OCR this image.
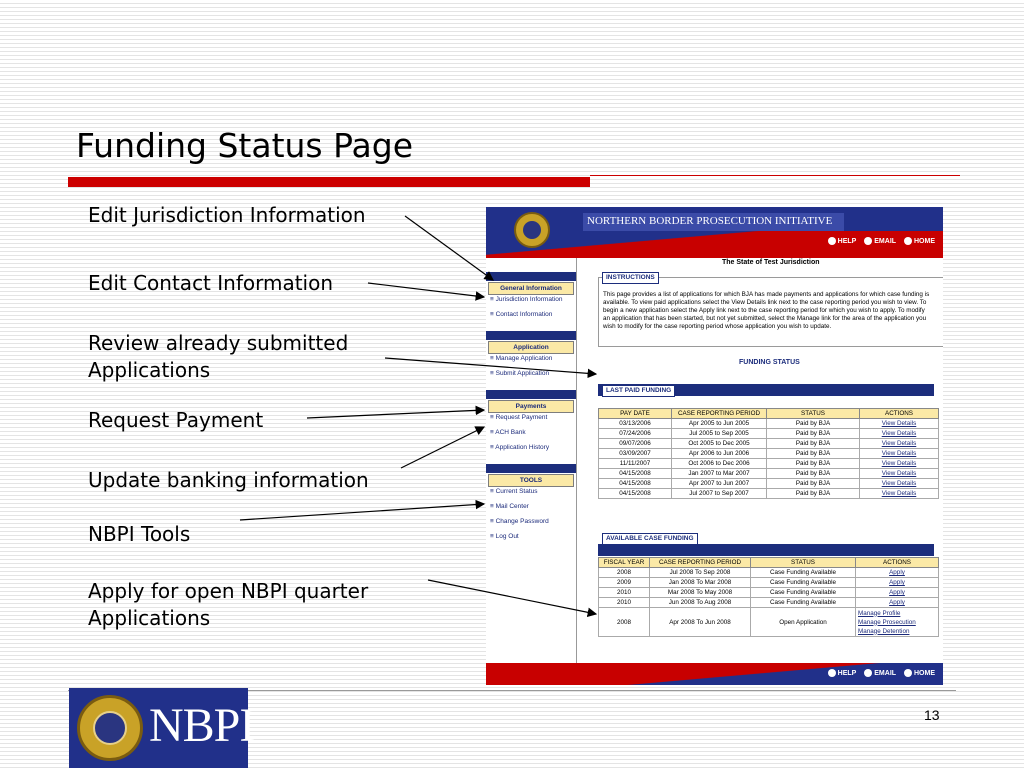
Funding Status Page
Edit Jurisdiction Information
Edit Contact Information
Review already submitted Applications
Request Payment
Update banking information
NBPI Tools
Apply for open NBPI quarter Applications
NORTHERN BORDER PROSECUTION INITIATIVE
HELP	EMAIL	HOME
General Information
≡ Jurisdiction Information
≡ Contact Information
Application
≡ Manage Application
≡ Submit Application
Payments
≡ Request Payment
≡ ACH Bank
≡ Application History
TOOLS
≡ Current Status
≡ Mail Center
≡ Change Password
≡ Log Out
The State of Test Jurisdiction
INSTRUCTIONS
This page provides a list of applications for which BJA has made payments and applications for which case funding is available. To view paid applications select the View Details link next to the case reporting period you wish to view. To begin a new application select the Apply link next to the case reporting period for which you wish to apply. To modify an application that has been started, but not yet submitted, select the Manage link for the area of the application you wish to modify for the case reporting period whose application you wish to update.
FUNDING STATUS
LAST PAID FUNDING
PAY DATE	CASE REPORTING PERIOD	STATUS	ACTIONS
03/13/2006	Apr 2005 to Jun 2005	Paid by BJA	View Details
07/24/2006	Jul 2005 to Sep 2005	Paid by BJA	View Details
09/07/2006	Oct 2005 to Dec 2005	Paid by BJA	View Details
03/09/2007	Apr 2006 to Jun 2006	Paid by BJA	View Details
11/11/2007	Oct 2006 to Dec 2006	Paid by BJA	View Details
04/15/2008	Jan 2007 to Mar 2007	Paid by BJA	View Details
04/15/2008	Apr 2007 to Jun 2007	Paid by BJA	View Details
04/15/2008	Jul 2007 to Sep 2007	Paid by BJA	View Details
AVAILABLE CASE FUNDING
FISCAL YEAR	CASE REPORTING PERIOD	STATUS	ACTIONS
2008	Jul 2008 To Sep 2008	Case Funding Available	Apply
2009	Jan 2008 To Mar 2008	Case Funding Available	Apply
2010	Mar 2008 To May 2008	Case Funding Available	Apply
2010	Jun 2008 To Aug 2008	Case Funding Available	Apply
2008	Apr 2008 To Jun 2008	Open Application	Manage Profile
Manage Prosecution
Manage Detention
HELP	EMAIL	HOME
NBPI	13
